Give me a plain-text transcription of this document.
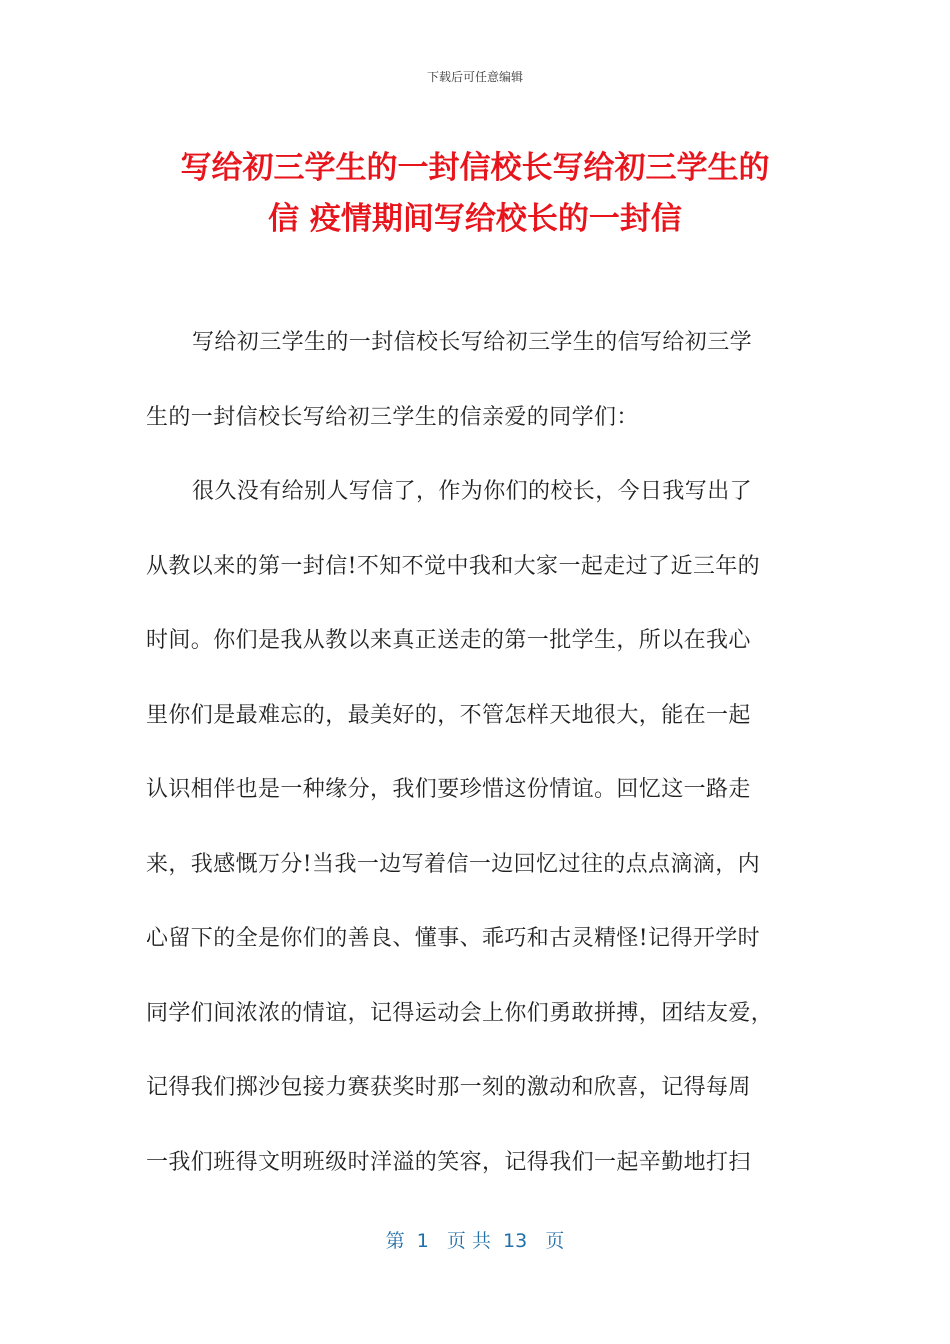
下载后可任意编辑
写给初三学生的一封信校长写给初三学生的
信 疫情期间写给校长的一封信
写给初三学生的一封信校长写给初三学生的信写给初三学
生的一封信校长写给初三学生的信亲爱的同学们：
很久没有给别人写信了，作为你们的校长，今日我写出了
从教以来的第一封信!不知不觉中我和大家一起走过了近三年的
时间。你们是我从教以来真正送走的第一批学生，所以在我心
里你们是最难忘的，最美好的，不管怎样天地很大，能在一起
认识相伴也是一种缘分，我们要珍惜这份情谊。回忆这一路走
来，我感慨万分!当我一边写着信一边回忆过往的点点滴滴，内
心留下的全是你们的善良、懂事、乖巧和古灵精怪!记得开学时
同学们间浓浓的情谊，记得运动会上你们勇敢拼搏，团结友爱，
记得我们掷沙包接力赛获奖时那一刻的激动和欣喜，记得每周
一我们班得文明班级时洋溢的笑容，记得我们一起辛勤地打扫
第  1   页 共  13   页
